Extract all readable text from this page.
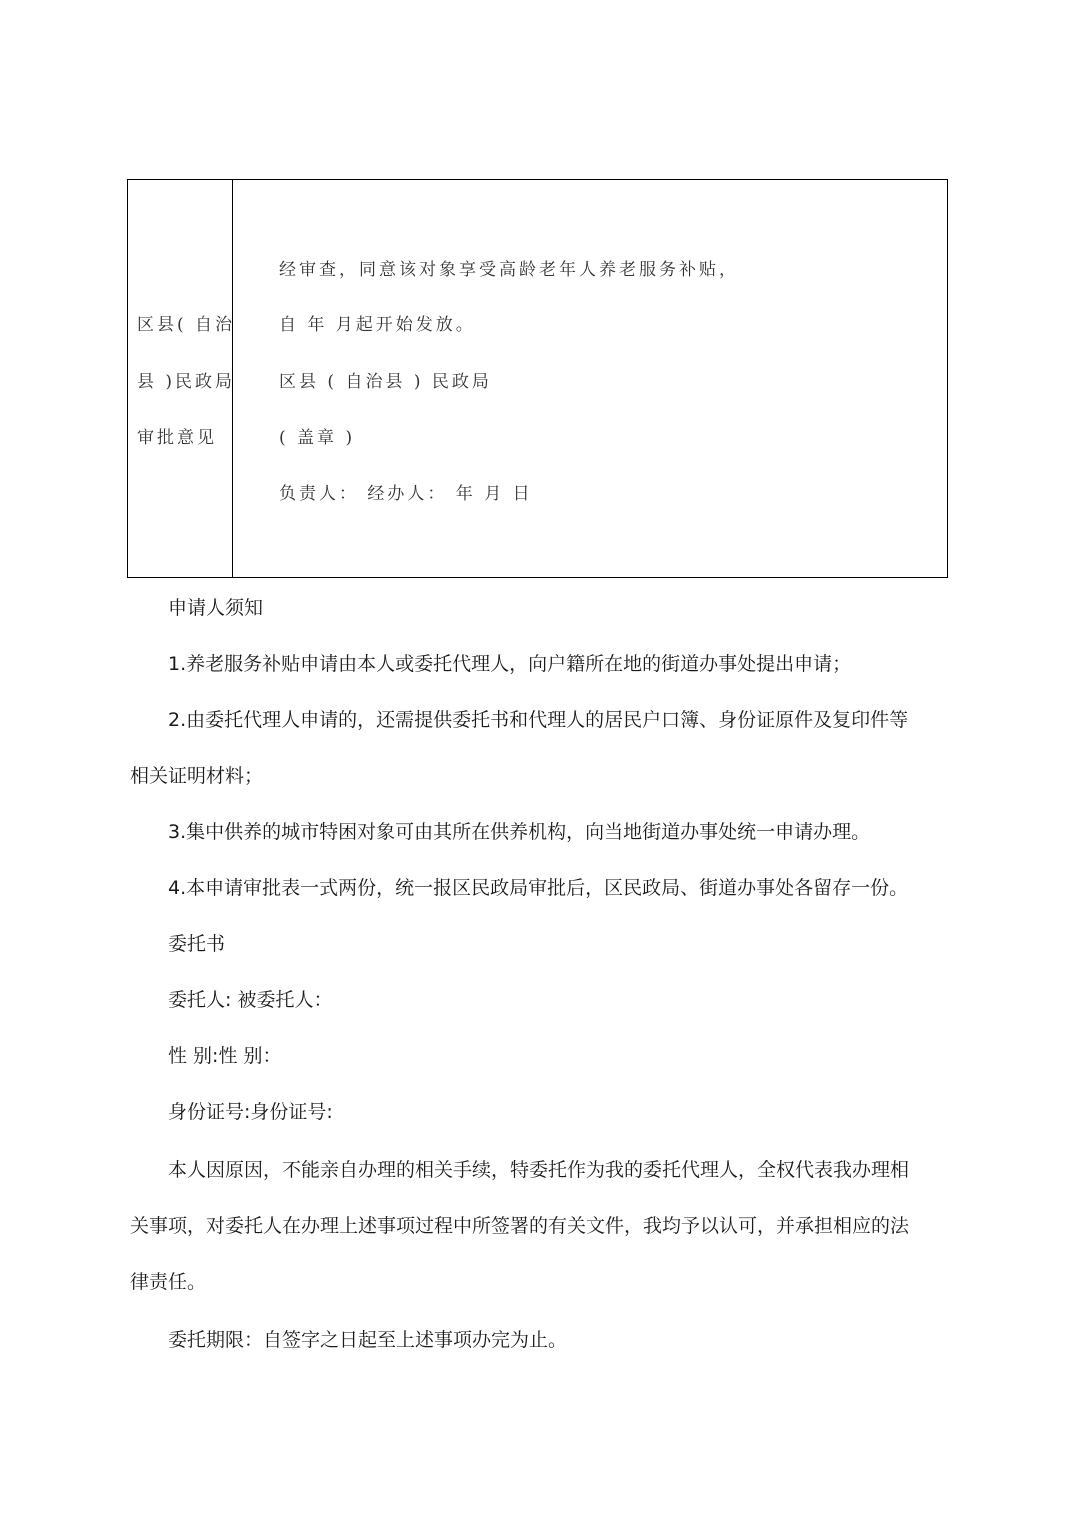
区县( 自治
县 )民政局
审批意见
经审查，同意该对象享受高龄老年人养老服务补贴，
自 年 月起开始发放。
区县 ( 自治县 ) 民政局
( 盖章 )
负责人： 经办人： 年 月 日
申请人须知
1.养老服务补贴申请由本人或委托代理人，向户籍所在地的街道办事处提出申请；
2.由委托代理人申请的，还需提供委托书和代理人的居民户口簿、身份证原件及复印件等
相关证明材料；
3.集中供养的城市特困对象可由其所在供养机构，向当地街道办事处统一申请办理。
4.本申请审批表一式两份，统一报区民政局审批后，区民政局、街道办事处各留存一份。
委托书
委托人: 被委托人：
性 别:性 别：
身份证号:身份证号:
本人因原因，不能亲自办理的相关手续，特委托作为我的委托代理人，全权代表我办理相
关事项，对委托人在办理上述事项过程中所签署的有关文件，我均予以认可，并承担相应的法
律责任。
委托期限：自签字之日起至上述事项办完为止。
